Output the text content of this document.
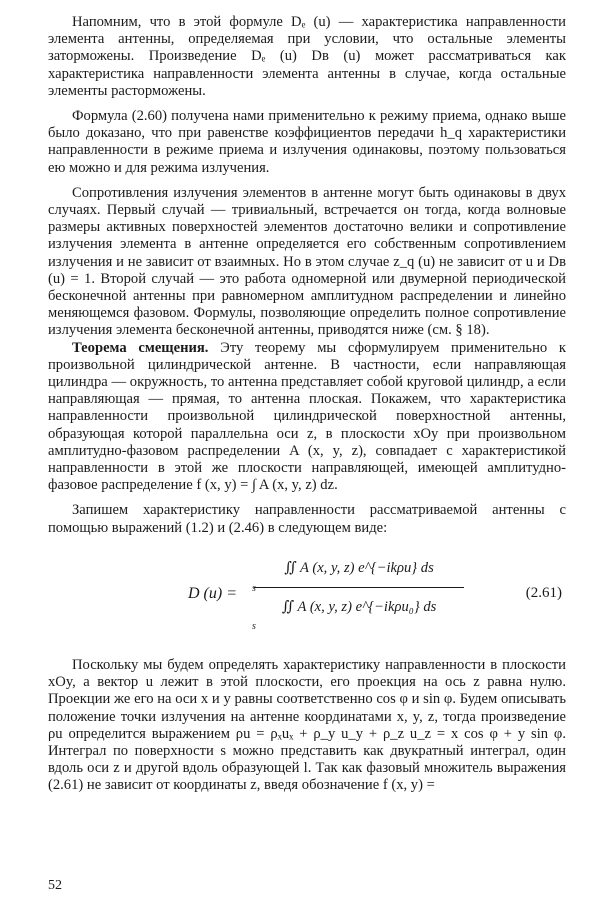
Напомним, что в этой формуле Dₑ (u) — характеристика направленности элемента антенны, определяемая при условии, что остальные элементы заторможены. Произведение Dₑ (u) Dв (u) может рассматриваться как характеристика направленности элемента антенны в случае, когда остальные элементы расторможены.

Формула (2.60) получена нами применительно к режиму приема, однако выше было доказано, что при равенстве коэффициентов передачи h_q характеристики направленности в режиме приема и излучения одинаковы, поэтому пользоваться ею можно и для режима излучения.

Сопротивления излучения элементов в антенне могут быть одинаковы в двух случаях. Первый случай — тривиальный, встречается он тогда, когда волновые размеры активных поверхностей элементов достаточно велики и сопротивление излучения элемента в антенне определяется его собственным сопротивлением излучения и не зависит от взаимных. Но в этом случае z_q (u) не зависит от u и Dв (u) = 1. Второй случай — это работа одномерной или двумерной периодической бесконечной антенны при равномерном амплитудном распределении и линейно меняющемся фазовом. Формулы, позволяющие определить полное сопротивление излучения элемента бесконечной антенны, приводятся ниже (см. § 18).

Теорема смещения. Эту теорему мы сформулируем применительно к произвольной цилиндрической антенне. В частности, если направляющая цилиндра — окружность, то антенна представляет собой круговой цилиндр, а если направляющая — прямая, то антенна плоская. Покажем, что характеристика направленности произвольной цилиндрической поверхностной антенны, образующая которой параллельна оси z, в плоскости xOy при произвольном амплитудно-фазовом распределении A (x, y, z), совпадает с характеристикой направленности в этой же плоскости направляющей, имеющей амплитудно-фазовое распределение f (x, y) = ∫ A (x, y, z) dz.

Запишем характеристику направленности рассматриваемой антенны с помощью выражений (1.2) и (2.46) в следующем виде:

D (u) =
∬ A (x, y, z) e^{−ikρu} ds
∬ A (x, y, z) e^{−ikρu₀} ds
s
s
(2.61)

Поскольку мы будем определять характеристику направленности в плоскости xOy, а вектор u лежит в этой плоскости, его проекция на ось z равна нулю. Проекции же его на оси x и y равны соответственно cos φ и sin φ. Будем описывать положение точки излучения на антенне координатами x, y, z, тогда произведение ρu определится выражением ρu = ρₓuₓ + ρ_y u_y + ρ_z u_z = x cos φ + y sin φ. Интеграл по поверхности s можно представить как двукратный интеграл, один вдоль оси z и другой вдоль образующей l. Так как фазовый множитель выражения (2.61) не зависит от координаты z, введя обозначение f (x, y) =

52
